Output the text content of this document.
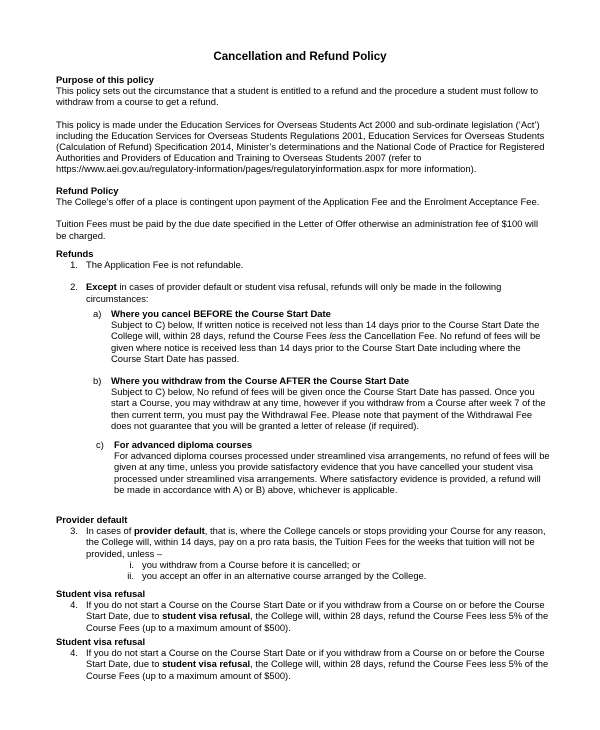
Cancellation and Refund Policy

Purpose of this policy

This policy sets out the circumstance that a student is entitled to a refund and the procedure a student must follow to withdraw from a course to get a refund.

This policy is made under the Education Services for Overseas Students Act 2000 and sub-ordinate legislation (‘Act’) including the Education Services for Overseas Students Regulations 2001, Education Services for Overseas Students (Calculation of Refund) Specification 2014, Minister’s determinations and the National Code of Practice for Registered Authorities and Providers of Education and Training to Overseas Students 2007 (refer to https://www.aei.gov.au/regulatory-information/pages/regulatoryinformation.aspx for more information).

Refund Policy

The College’s offer of a place is contingent upon payment of the Application Fee and the Enrolment Acceptance Fee.

Tuition Fees must be paid by the due date specified in the Letter of Offer otherwise an administration fee of $100 will be charged.

Refunds

1. The Application Fee is not refundable.
2. Except in cases of provider default or student visa refusal, refunds will only be made in the following circumstances:
a)	Where you cancel BEFORE the Course Start Date

Subject to C) below, If written notice is received not less than 14 days prior to the Course Start Date the College will, within 28 days, refund the Course Fees less the Cancellation Fee. No refund of fees will be given where notice is received less than 14 days prior to the Course Start Date including where the Course Start Date has passed.

b)	Where you withdraw from the Course AFTER the Course Start Date

Subject to C) below, No refund of fees will be given once the Course Start Date has passed. Once you start a Course, you may withdraw at any time, however if you withdraw from a Course after week 7 of the then current term, you must pay the Withdrawal Fee. Please note that payment of the Withdrawal Fee does not guarantee that you will be granted a letter of release (if required).

c)	For advanced diploma courses

For advanced diploma courses processed under streamlined visa arrangements, no refund of fees will be given at any time, unless you provide satisfactory evidence that you have cancelled your student visa processed under streamlined visa arrangements. Where satisfactory evidence is provided, a refund will be made in accordance with A) or B) above, whichever is applicable.

Provider default

3. In cases of provider default, that is, where the College cancels or stops providing your Course for any reason, the College will, within 14 days, pay on a pro rata basis, the Tuition Fees for the weeks that tuition will not be provided, unless –
i. you withdraw from a Course before it is cancelled; or
ii. you accept an offer in an alternative course arranged by the College.

Student visa refusal

4. If you do not start a Course on the Course Start Date or if you withdraw from a Course on or before the Course Start Date, due to student visa refusal, the College will, within 28 days, refund the Course Fees less 5% of the Course Fees (up to a maximum amount of $500).

Student visa refusal

4. If you do not start a Course on the Course Start Date or if you withdraw from a Course on or before the Course Start Date, due to student visa refusal, the College will, within 28 days, refund the Course Fees less 5% of the Course Fees (up to a maximum amount of $500).
